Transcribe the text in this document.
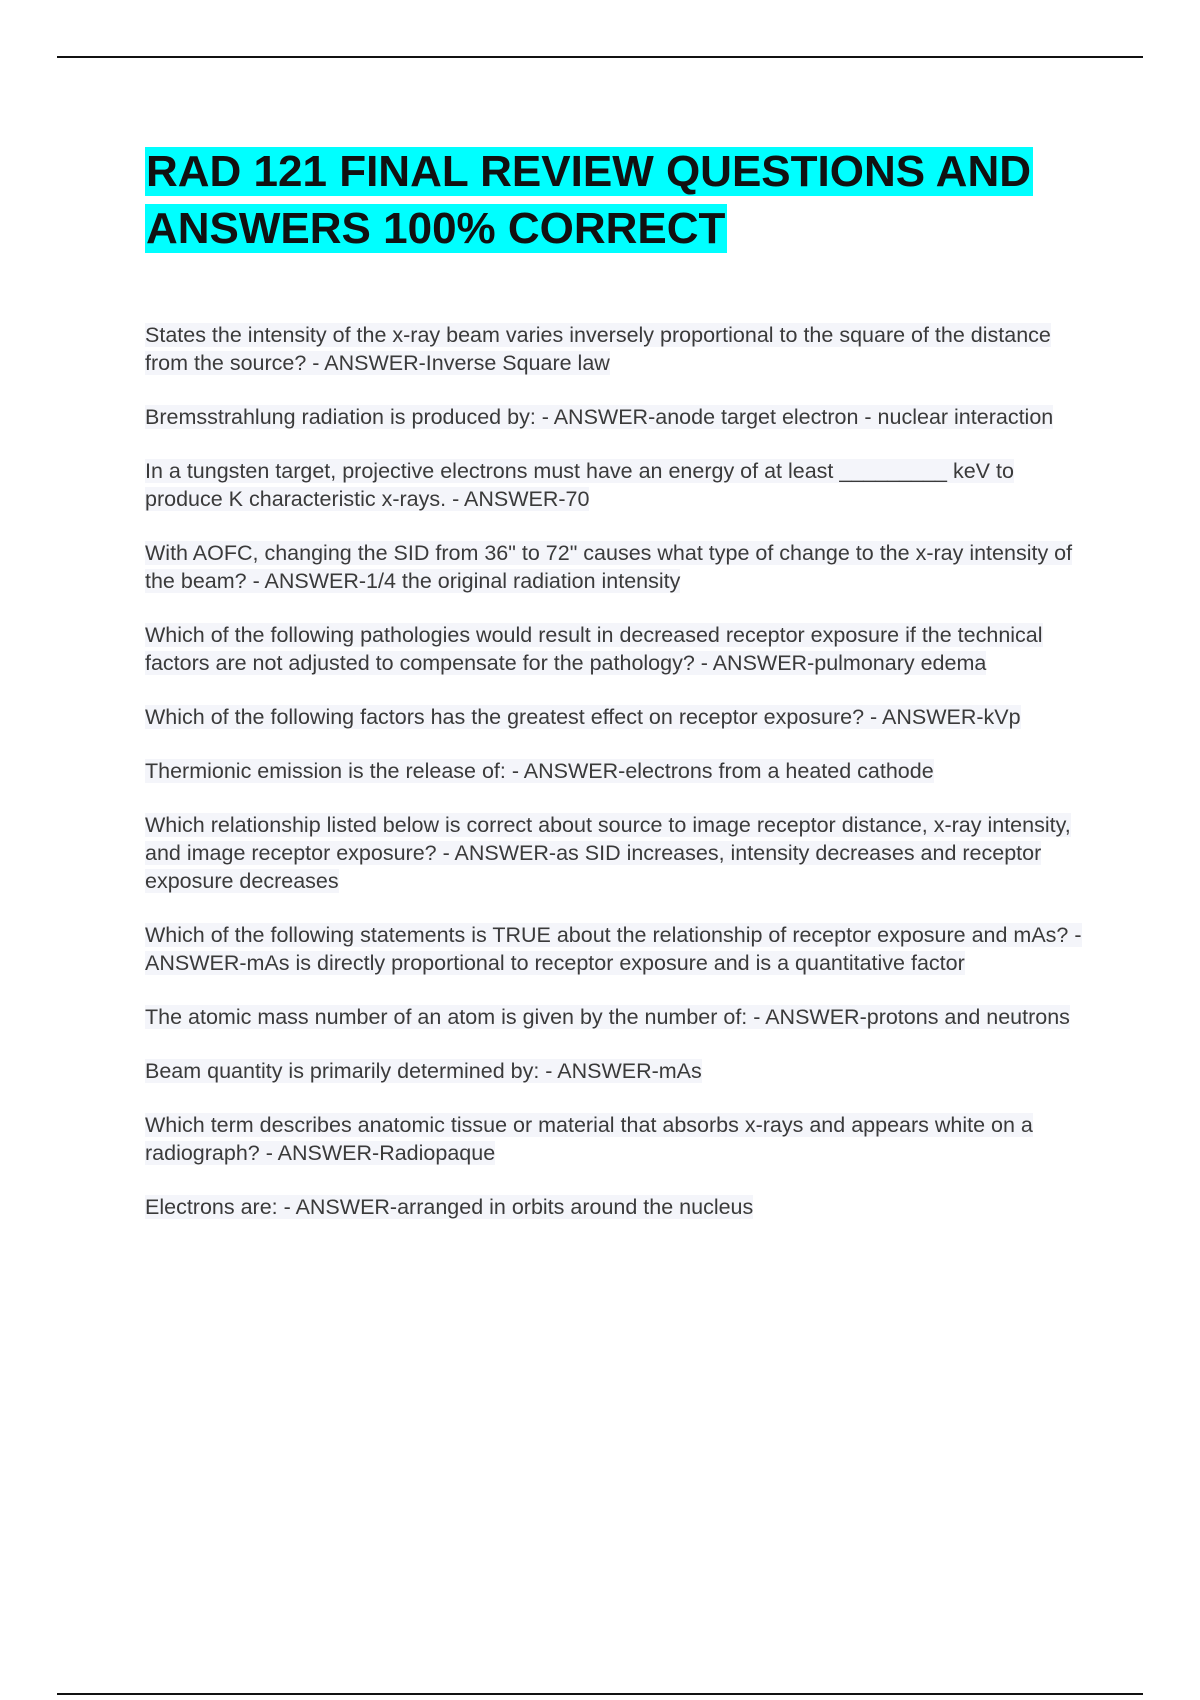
RAD 121 FINAL REVIEW QUESTIONS AND ANSWERS 100% CORRECT
States the intensity of the x-ray beam varies inversely proportional to the square of the distance from the source? - ANSWER-Inverse Square law
Bremsstrahlung radiation is produced by: - ANSWER-anode target electron - nuclear interaction
In a tungsten target, projective electrons must have an energy of at least _________ keV to produce K characteristic x-rays. - ANSWER-70
With AOFC, changing the SID from 36" to 72" causes what type of change to the x-ray intensity of the beam? - ANSWER-1/4 the original radiation intensity
Which of the following pathologies would result in decreased receptor exposure if the technical factors are not adjusted to compensate for the pathology? - ANSWER-pulmonary edema
Which of the following factors has the greatest effect on receptor exposure? - ANSWER-kVp
Thermionic emission is the release of: - ANSWER-electrons from a heated cathode
Which relationship listed below is correct about source to image receptor distance, x-ray intensity, and image receptor exposure? - ANSWER-as SID increases, intensity decreases and receptor exposure decreases
Which of the following statements is TRUE about the relationship of receptor exposure and mAs? - ANSWER-mAs is directly proportional to receptor exposure and is a quantitative factor
The atomic mass number of an atom is given by the number of: - ANSWER-protons and neutrons
Beam quantity is primarily determined by: - ANSWER-mAs
Which term describes anatomic tissue or material that absorbs x-rays and appears white on a radiograph? - ANSWER-Radiopaque
Electrons are: - ANSWER-arranged in orbits around the nucleus
